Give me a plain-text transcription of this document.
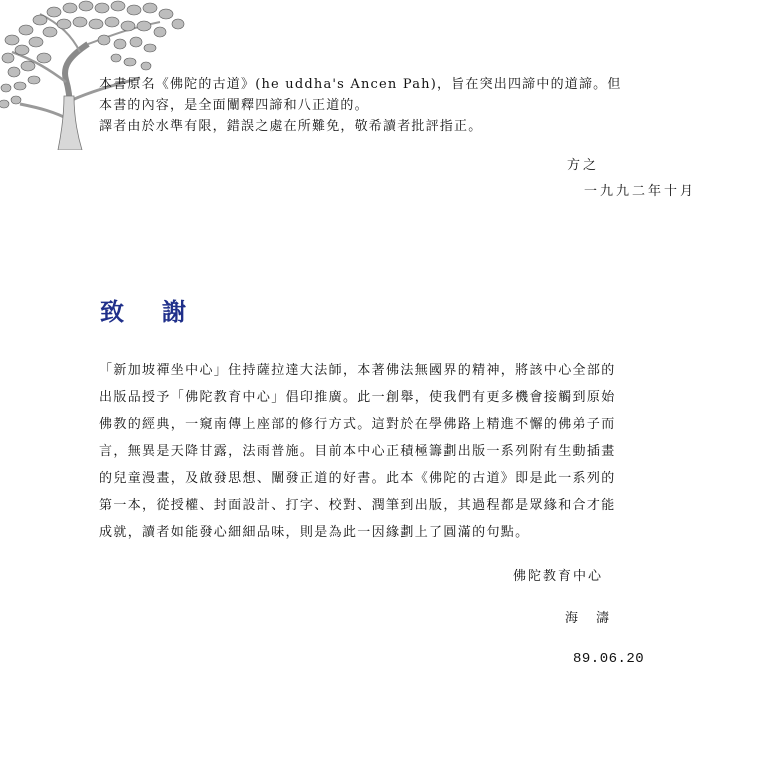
本書原名《佛陀的古道》(he uddha's Ancen Pah)，旨在突出四諦中的道諦。但

本書的內容，是全面闡釋四諦和八正道的。

譯者由於水準有限，錯誤之處在所難免，敬希讀者批評指正。

方之
一九九二年十月
致 謝

「新加坡禪坐中心」住持薩拉達大法師，本著佛法無國界的精神，將該中心全部的

出版品授予「佛陀教育中心」倡印推廣。此一創舉，使我們有更多機會接觸到原始

佛教的經典，一窺南傳上座部的修行方式。這對於在學佛路上精進不懈的佛弟子而

言，無異是天降甘露，法雨普施。目前本中心正積極籌劃出版一系列附有生動插畫

的兒童漫畫，及啟發思想、闡發正道的好書。此本《佛陀的古道》即是此一系列的

第一本，從授權、封面設計、打字、校對、潤筆到出版，其過程都是眾緣和合才能

成就，讀者如能發心細細品味，則是為此一因緣劃上了圓滿的句點。

佛陀教育中心
海 濤
89.06.20
